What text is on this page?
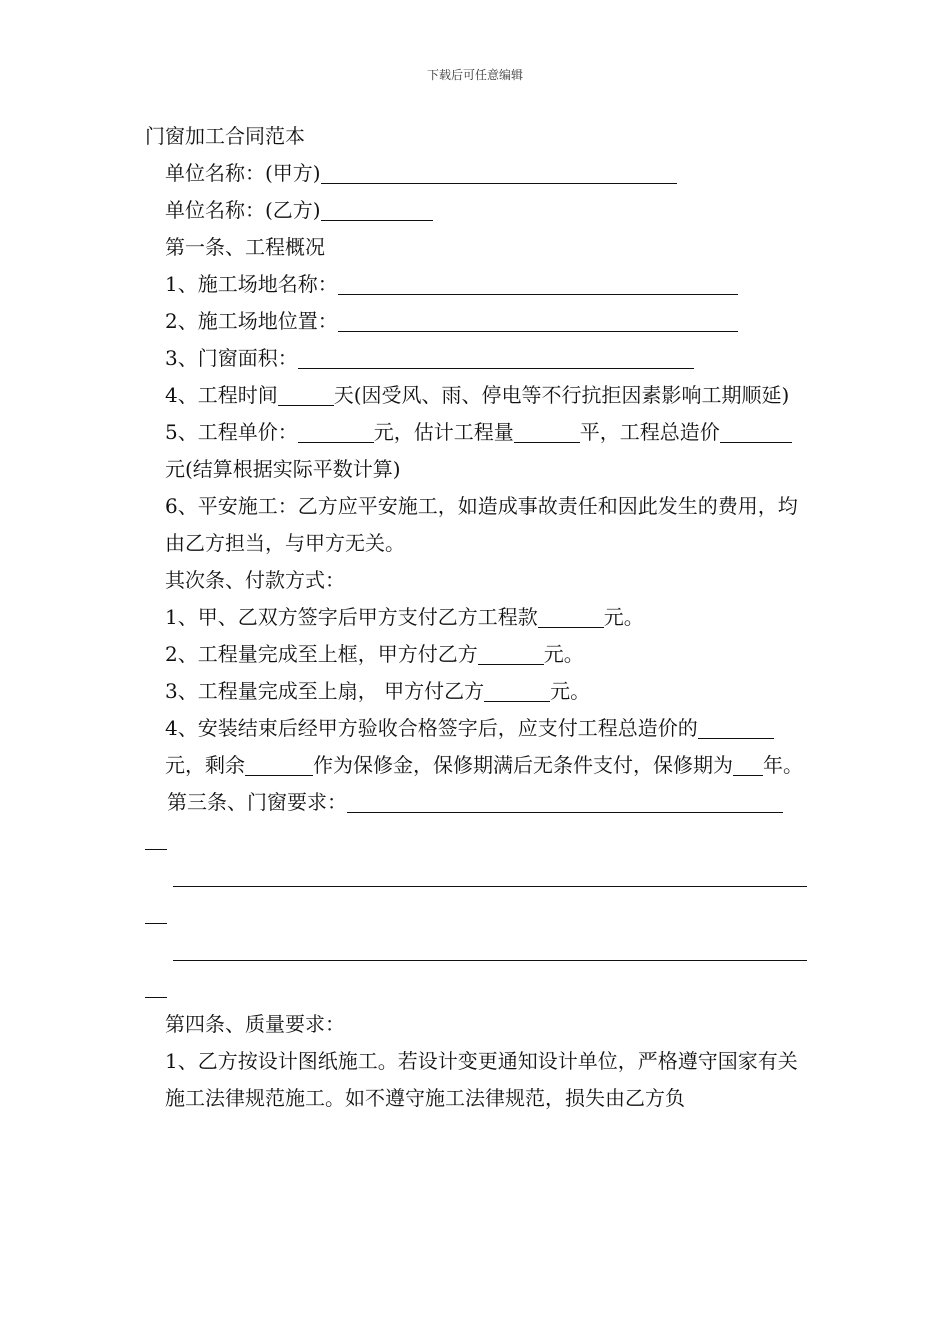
下载后可任意编辑
门窗加工合同范本
单位名称：(甲方)
单位名称：(乙方)
第一条、工程概况
1、施工场地名称：
2、施工场地位置：
3、门窗面积：
4、工程时间	天(因受风、雨、停电等不行抗拒因素影响工期顺延)
5、工程单价：	元，估计工程量	平，工程总造价元(结算根据实际平数计算)
6、平安施工：乙方应平安施工，如造成事故责任和因此发生的费用，均由乙方担当，与甲方无关。
其次条、付款方式：
1、甲、乙双方签字后甲方支付乙方工程款	元。
2、工程量完成至上框，甲方付乙方	元。
3、工程量完成至上扇， 甲方付乙方	元。
4、安装结束后经甲方验收合格签字后，应支付工程总造价的元，剩余	作为保修金，保修期满后无条件支付，保修期为 年。
第三条、门窗要求：
第四条、质量要求：
1、乙方按设计图纸施工。若设计变更通知设计单位，严格遵守国家有关施工法律规范施工。如不遵守施工法律规范，损失由乙方负
